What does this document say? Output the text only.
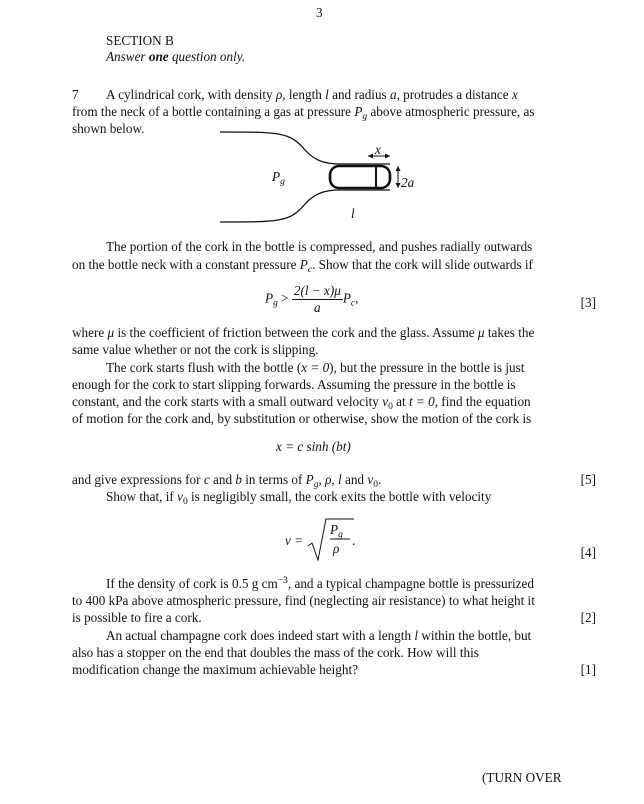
3
SECTION B
Answer one question only.
7 A cylindrical cork, with density ρ, length l and radius a, protrudes a distance x
from the neck of a bottle containing a gas at pressure $P_g$ above atmospheric pressure, as
shown below.
$P_g$
x
2a
l
The portion of the cork in the bottle is compressed, and pushes radially outwards
on the bottle neck with a constant pressure $P_c$. Show that the cork will slide outwards if
$P_g > \frac{2(l - x)\mu}{a} P_c$,	[3]
where μ is the coefficient of friction between the cork and the glass. Assume μ takes the
same value whether or not the cork is slipping.
The cork starts flush with the bottle (x = 0), but the pressure in the bottle is just
enough for the cork to start slipping forwards. Assuming the pressure in the bottle is
constant, and the cork starts with a small outward velocity $v_0$ at t = 0, find the equation
of motion for the cork and, by substitution or otherwise, show the motion of the cork is
x = c sinh (bt)
and give expressions for c and b in terms of $P_g$, ρ, l and $v_0$.	[5]
Show that, if $v_0$ is negligibly small, the cork exits the bottle with velocity
v =
$P_g$
ρ
.
[4]
If the density of cork is 0.5 g $cm^{-3}$, and a typical champagne bottle is pressurized
to 400 kPa above atmospheric pressure, find (neglecting air resistance) to what height it
is possible to fire a cork.	[2]
An actual champagne cork does indeed start with a length l within the bottle, but
also has a stopper on the end that doubles the mass of the cork. How will this
modification change the maximum achievable height?	[1]
(TURN OVER
